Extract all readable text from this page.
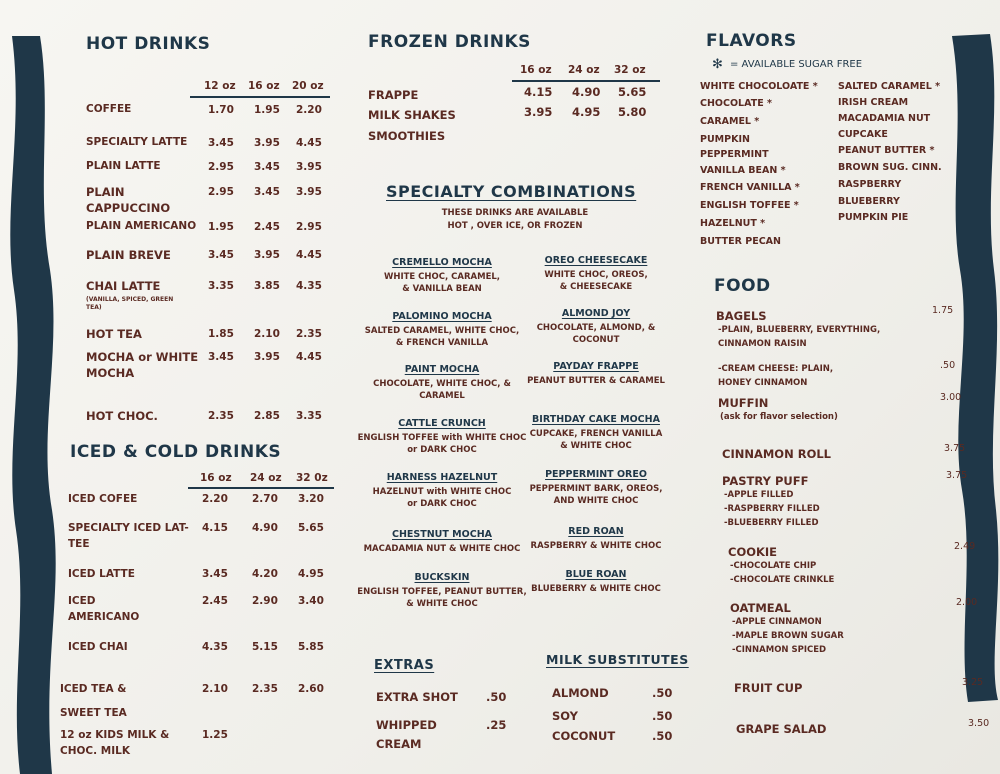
HOT DRINKS
12 oz 16 oz 20 oz
COFFEE	1.70 1.95 2.20
SPECIALTY LATTE 3.45 3.95 4.45
PLAIN LATTE	2.95 3.45 3.95
PLAIN
CAPPUCCINO
2.95 3.45 3.95
PLAIN AMERICANO 1.95 2.45 2.95
PLAIN BREVE	3.45 3.95 4.45
CHAI LATTE
(VANILLA, SPICED, GREEN
TEA)
3.35 3.85 4.35
HOT TEA	1.85 2.10 2.35
MOCHA or WHITE
MOCHA
3.45 3.95 4.45
HOT CHOC.	2.35 2.85 3.35
ICED & COLD DRINKS
16 oz 24 oz 32 0z
ICED COFEE	2.20 2.70 3.20
SPECIALTY ICED LAT-
TEE
4.15 4.90 5.65
ICED LATTE	3.45 4.20 4.95
ICED
AMERICANO
2.45 2.90 3.40
ICED CHAI	4.35 5.15 5.85
ICED TEA &
SWEET TEA
2.10 2.35 2.60
12 oz KIDS MILK &
CHOC. MILK
1.25
FROZEN DRINKS
16 oz 24 oz 32 oz
FRAPPE	4.15 4.90 5.65
MILK SHAKES	3.95 4.95 5.80
SMOOTHIES
SPECIALTY COMBINATIONS
THESE DRINKS ARE AVAILABLE
HOT , OVER ICE, OR FROZEN
CREMELLO MOCHA
WHITE CHOC, CARAMEL,
& VANILLA BEAN
PALOMINO MOCHA
SALTED CARAMEL, WHITE CHOC,
& FRENCH VANILLA
PAINT MOCHA
CHOCOLATE, WHITE CHOC, &
CARAMEL
CATTLE CRUNCH
ENGLISH TOFFEE with WHITE CHOC
or DARK CHOC
HARNESS HAZELNUT
HAZELNUT with WHITE CHOC
or DARK CHOC
CHESTNUT MOCHA
MACADAMIA NUT & WHITE CHOC
BUCKSKIN
ENGLISH TOFFEE, PEANUT BUTTER,
& WHITE CHOC
OREO CHEESECAKE
WHITE CHOC, OREOS,
& CHEESECAKE
ALMOND JOY
CHOCOLATE, ALMOND, &
COCONUT
PAYDAY FRAPPE
PEANUT BUTTER & CARAMEL
BIRTHDAY CAKE MOCHA
CUPCAKE, FRENCH VANILLA
& WHITE CHOC
PEPPERMINT OREO
PEPPERMINT BARK, OREOS,
AND WHITE CHOC
RED ROAN
RASPBERRY & WHITE CHOC
BLUE ROAN
BLUEBERRY & WHITE CHOC
EXTRAS
EXTRA SHOT .50
WHIPPED
CREAM
.25
MILK SUBSTITUTES
ALMOND	.50
SOY	.50
COCONUT	.50
FLAVORS
✻ = AVAILABLE SUGAR FREE
WHITE CHOCOLOATE *
CHOCOLATE *
CARAMEL *
PUMPKIN
PEPPERMINT
VANILLA BEAN *
FRENCH VANILLA *
ENGLISH TOFFEE *
HAZELNUT *
BUTTER PECAN
SALTED CARAMEL *
IRISH CREAM
MACADAMIA NUT
CUPCAKE
PEANUT BUTTER *
BROWN SUG. CINN.
RASPBERRY
BLUEBERRY
PUMPKIN PIE
FOOD
BAGELS	1.75
-PLAIN, BLUEBERRY, EVERYTHING,
CINNAMON RAISIN
.50
-CREAM CHEESE: PLAIN,
HONEY CINNAMON
MUFFIN	3.00
(ask for flavor selection)
CINNAMON ROLL	3.75
PASTRY PUFF	3.75
-APPLE FILLED
-RASPBERRY FILLED
-BLUEBERRY FILLED
COOKIE	2.49
-CHOCOLATE CHIP
-CHOCOLATE CRINKLE
OATMEAL	2.00
-APPLE CINNAMON
-MAPLE BROWN SUGAR
-CINNAMON SPICED
FRUIT CUP	3.25
GRAPE SALAD	3.50
